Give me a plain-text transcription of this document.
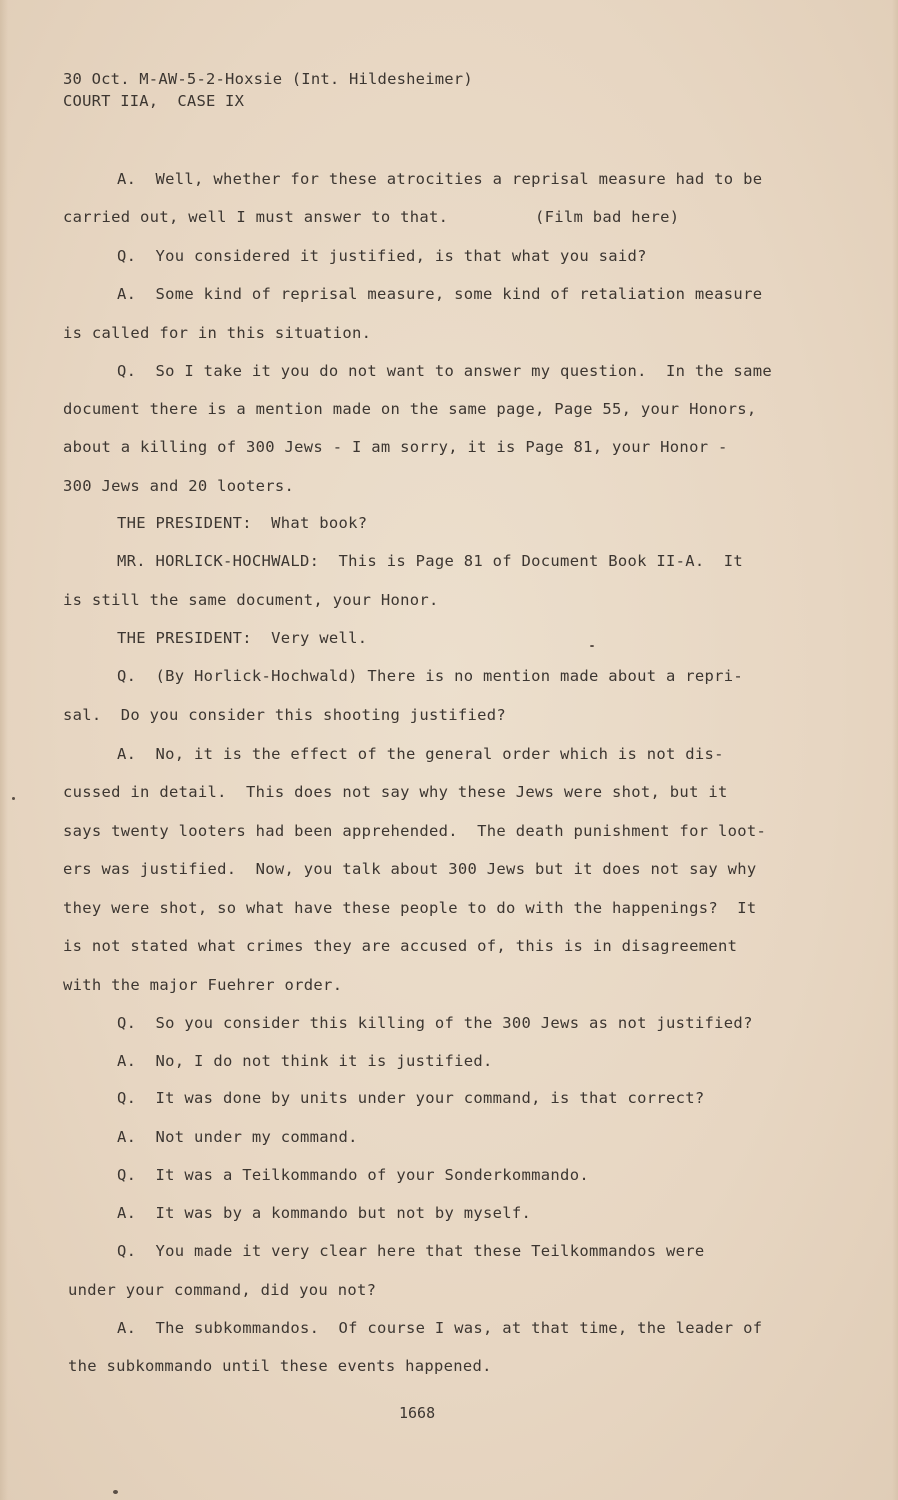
30 Oct. M-AW-5-2-Hoxsie (Int. Hildesheimer)
COURT IIA,  CASE IX
A.  Well, whether for these atrocities a reprisal measure had to be
carried out, well I must answer to that.         (Film bad here)
Q.  You considered it justified, is that what you said?
A.  Some kind of reprisal measure, some kind of retaliation measure
is called for in this situation.
Q.  So I take it you do not want to answer my question.  In the same
document there is a mention made on the same page, Page 55, your Honors,
about a killing of 300 Jews - I am sorry, it is Page 81, your Honor -
300 Jews and 20 looters.
THE PRESIDENT:  What book?
MR. HORLICK-HOCHWALD:  This is Page 81 of Document Book II-A.  It
is still the same document, your Honor.
THE PRESIDENT:  Very well.
Q.  (By Horlick-Hochwald) There is no mention made about a repri-
sal.  Do you consider this shooting justified?
A.  No, it is the effect of the general order which is not dis-
cussed in detail.  This does not say why these Jews were shot, but it
says twenty looters had been apprehended.  The death punishment for loot-
ers was justified.  Now, you talk about 300 Jews but it does not say why
they were shot, so what have these people to do with the happenings?  It
is not stated what crimes they are accused of, this is in disagreement
with the major Fuehrer order.
Q.  So you consider this killing of the 300 Jews as not justified?
A.  No, I do not think it is justified.
Q.  It was done by units under your command, is that correct?
A.  Not under my command.
Q.  It was a Teilkommando of your Sonderkommando.
A.  It was by a kommando but not by myself.
Q.  You made it very clear here that these Teilkommandos were
under your command, did you not?
A.  The subkommandos.  Of course I was, at that time, the leader of
the subkommando until these events happened.
1668
